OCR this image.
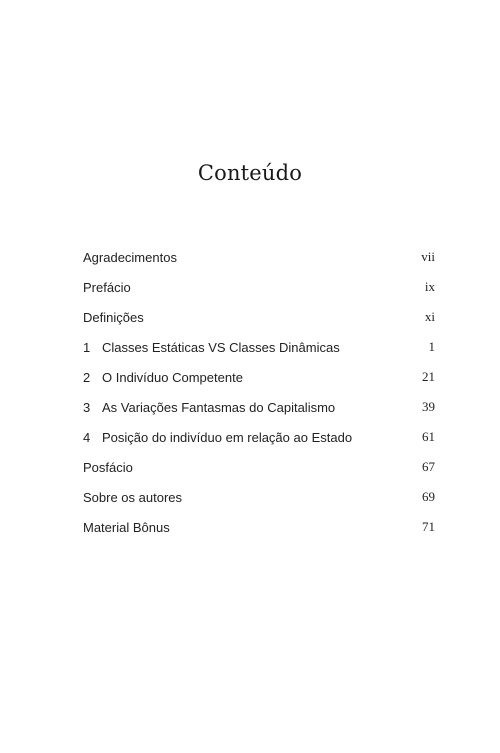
Conteúdo
Agradecimentos	vii
Prefácio	ix
Definições	xi
1 Classes Estáticas VS Classes Dinâmicas	1
2 O Indivíduo Competente	21
3 As Variações Fantasmas do Capitalismo	39
4 Posição do indivíduo em relação ao Estado	61
Posfácio	67
Sobre os autores	69
Material Bônus	71
